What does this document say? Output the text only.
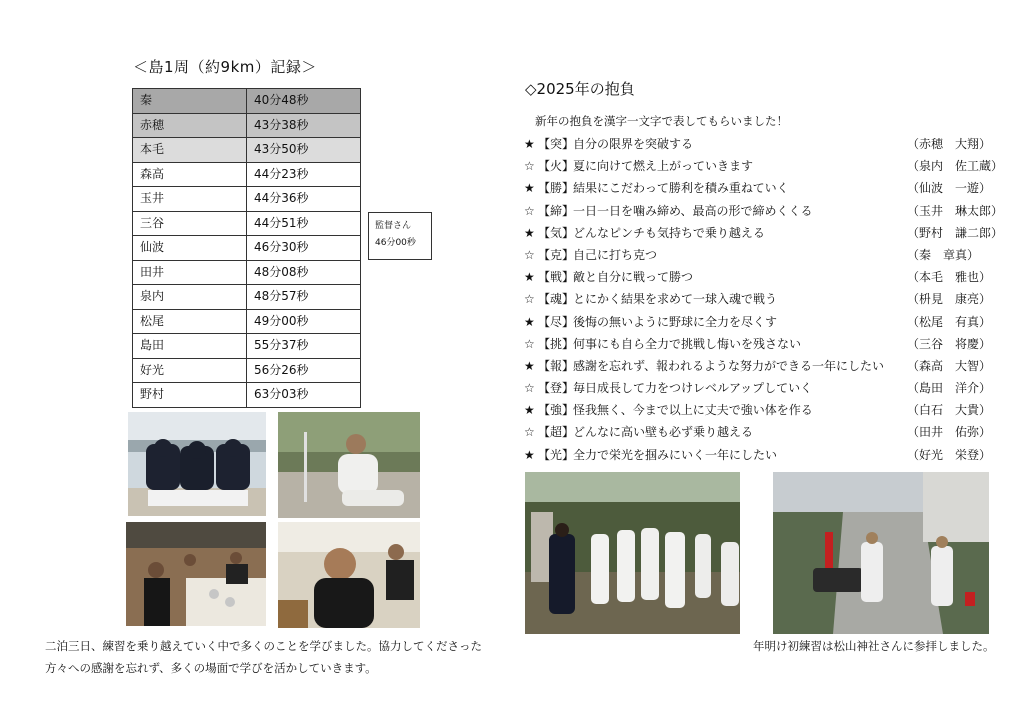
＜島1周（約9km）記録＞
秦	40分48秒
赤穂	43分38秒
本毛	43分50秒
森高	44分23秒
玉井	44分36秒
三谷	44分51秒
仙波	46分30秒
田井	48分08秒
泉内	48分57秒
松尾	49分00秒
島田	55分37秒
好光	56分26秒
野村	63分03秒
監督さん
46分00秒
二泊三日、練習を乗り越えていく中で多くのことを学びました。協力してくださった
方々への感謝を忘れず、多くの場面で学びを活かしていきます。
◇2025年の抱負
新年の抱負を漢字一文字で表してもらいました！
★ 【突】自分の限界を突破する	（赤穂　大翔）
☆ 【火】夏に向けて燃え上がっていきます	（泉内　佐工蔵）
★ 【勝】結果にこだわって勝利を積み重ねていく	（仙波　一遊）
☆ 【締】一日一日を噛み締め、最高の形で締めくくる	（玉井　琳太郎）
★ 【気】どんなピンチも気持ちで乗り越える	（野村　謙二郎）
☆ 【克】自己に打ち克つ	（秦　章真）
★ 【戦】敵と自分に戦って勝つ	（本毛　雅也）
☆ 【魂】とにかく結果を求めて一球入魂で戦う	（枡見　康亮）
★ 【尽】後悔の無いように野球に全力を尽くす	（松尾　有真）
☆ 【挑】何事にも自ら全力で挑戦し悔いを残さない	（三谷　将慶）
★ 【報】感謝を忘れず、報われるような努力ができる一年にしたい （森高　大智）
☆ 【登】毎日成長して力をつけレベルアップしていく	（島田　洋介）
★ 【強】怪我無く、今まで以上に丈夫で強い体を作る	（白石　大貴）
☆ 【超】どんなに高い壁も必ず乗り越える	（田井　佑弥）
★ 【光】全力で栄光を掴みにいく一年にしたい	（好光　栄登）
年明け初練習は松山神社さんに参拝しました。
